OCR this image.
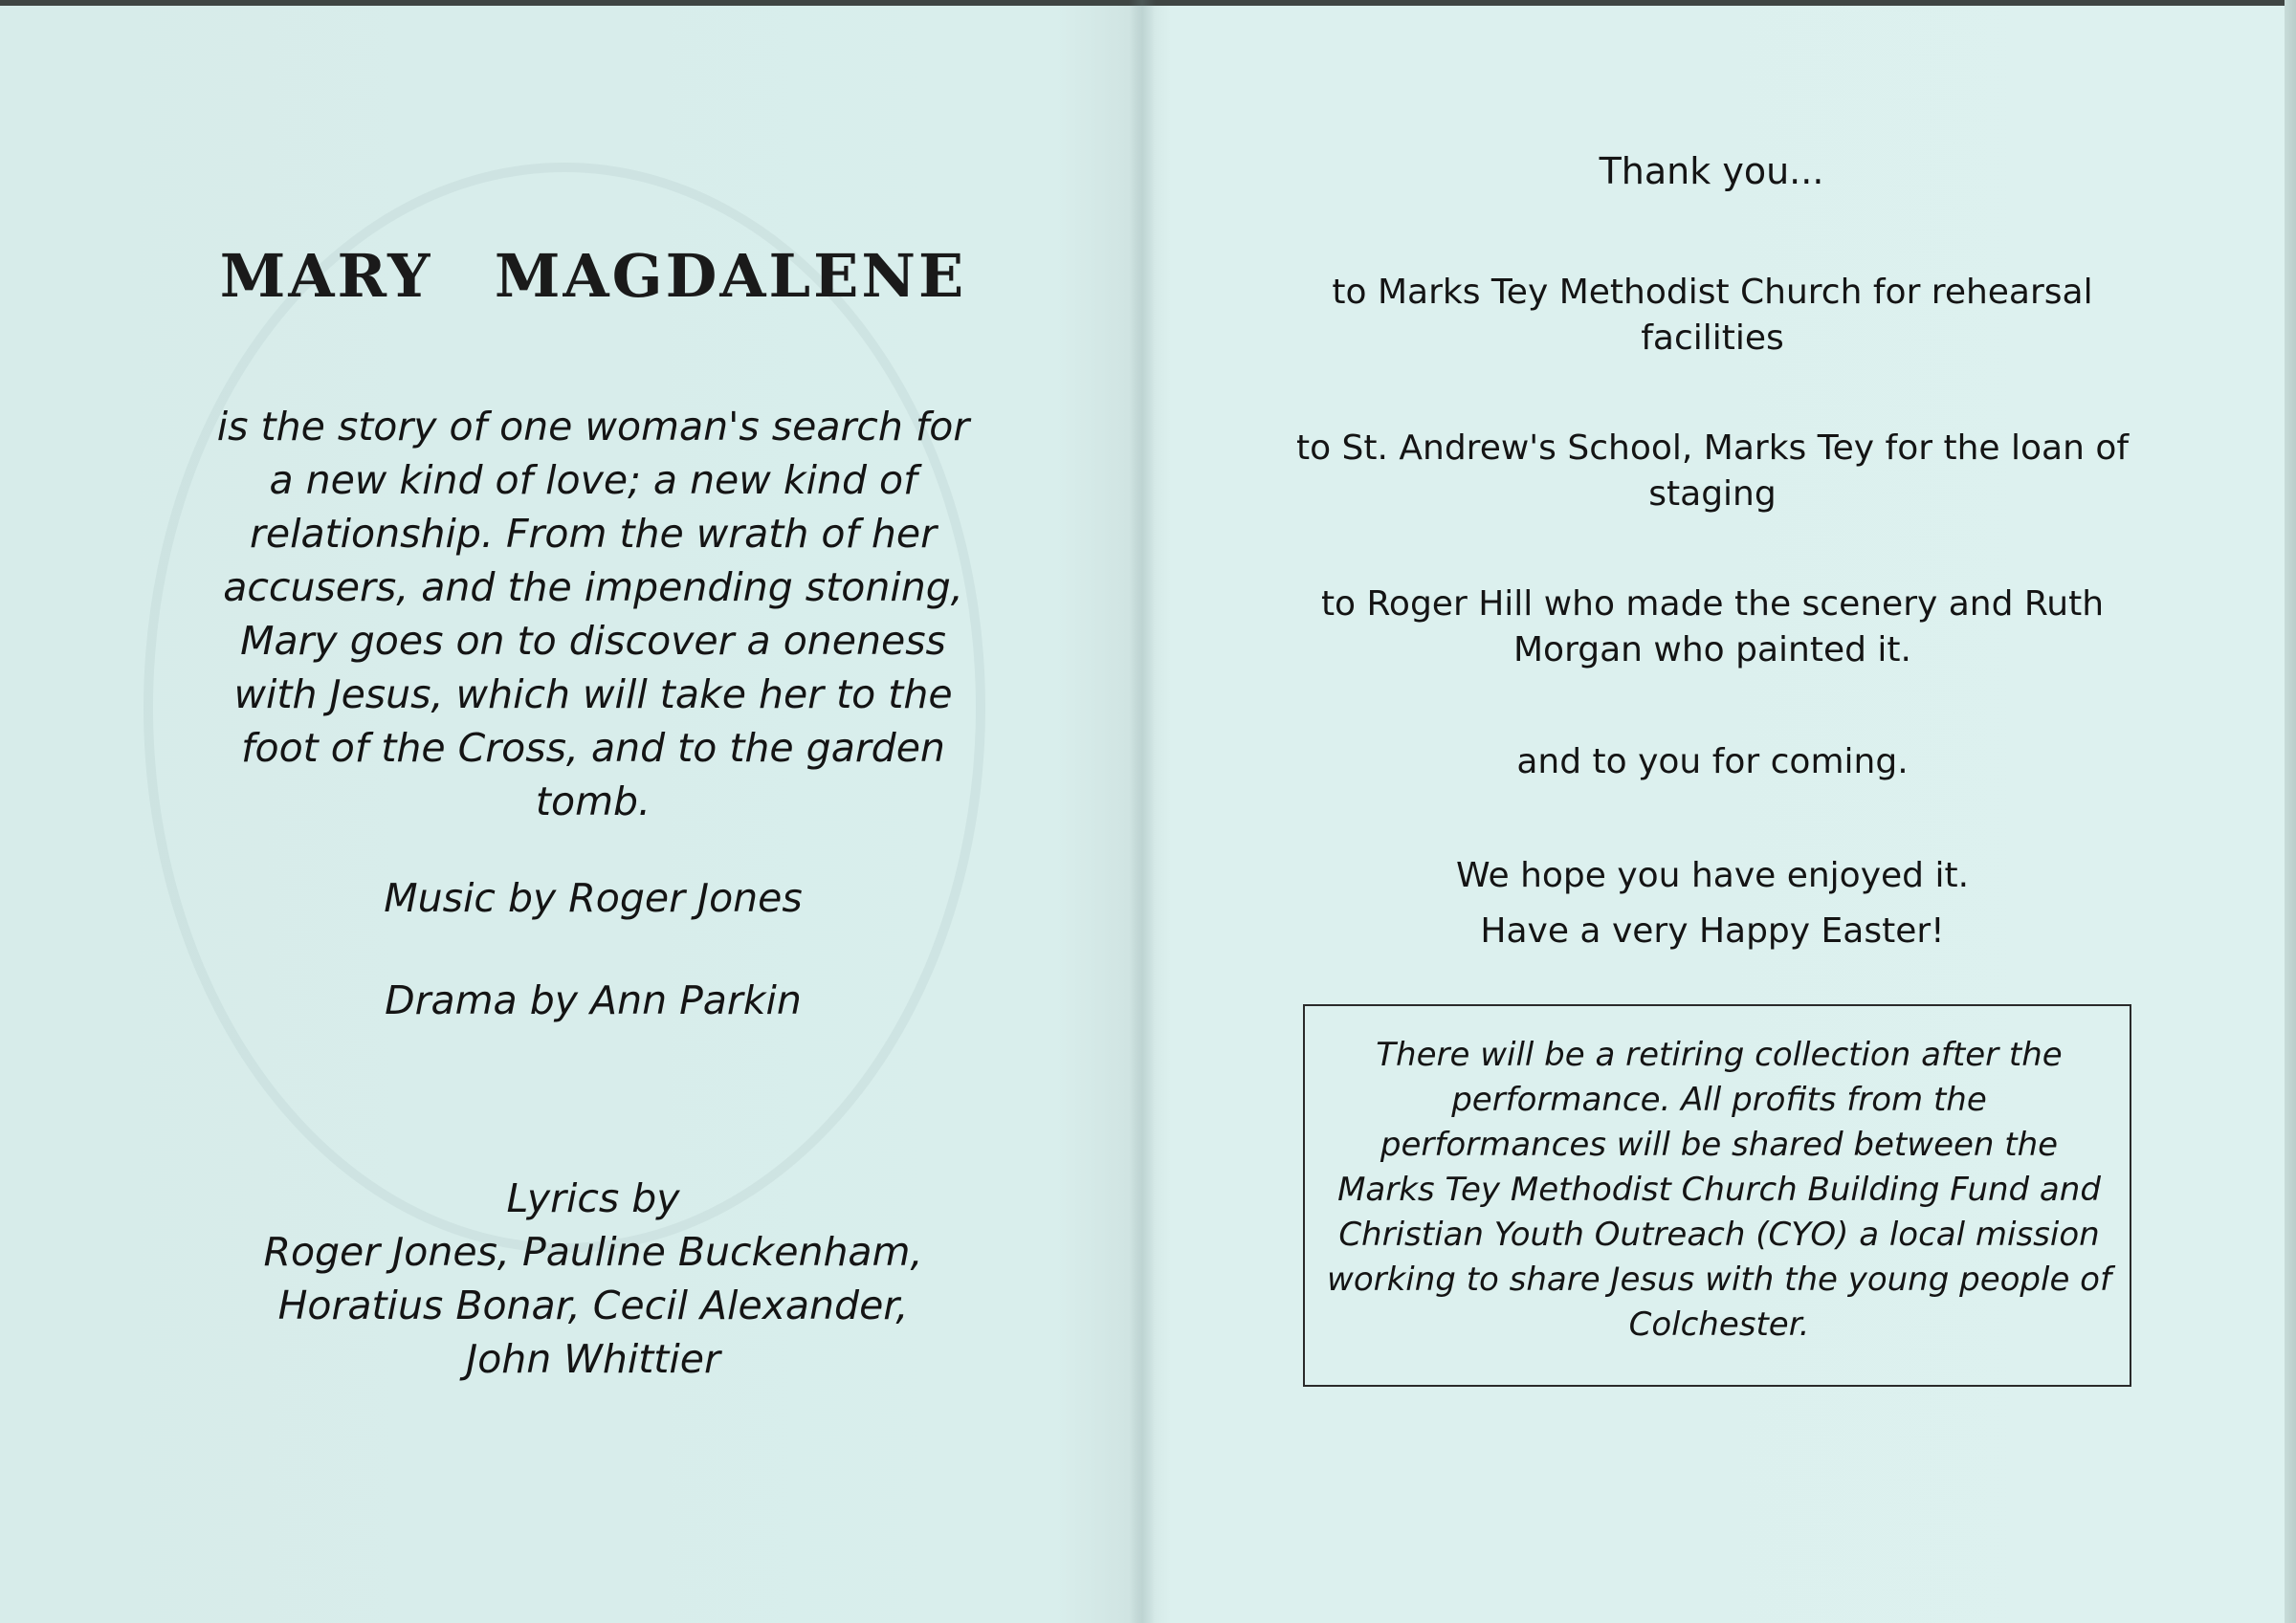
MARY MAGDALENE
is the story of one woman's search for
a new kind of love; a new kind of
relationship. From the wrath of her
accusers, and the impending stoning,
Mary goes on to discover a oneness
with Jesus, which will take her to the
foot of the Cross, and to the garden
tomb.
Music by Roger Jones
Drama by Ann Parkin
Lyrics by
Roger Jones, Pauline Buckenham,
Horatius Bonar, Cecil Alexander,
John Whittier
Thank you...
to Marks Tey Methodist Church for rehearsal
facilities
to St. Andrew's School, Marks Tey for the loan of
staging
to Roger Hill who made the scenery and Ruth
Morgan who painted it.
and to you for coming.
We hope you have enjoyed it.
Have a very Happy Easter!
There will be a retiring collection after the
performance. All profits from the
performances will be shared between the
Marks Tey Methodist Church Building Fund and
Christian Youth Outreach (CYO) a local mission
working to share Jesus with the young people of
Colchester.
